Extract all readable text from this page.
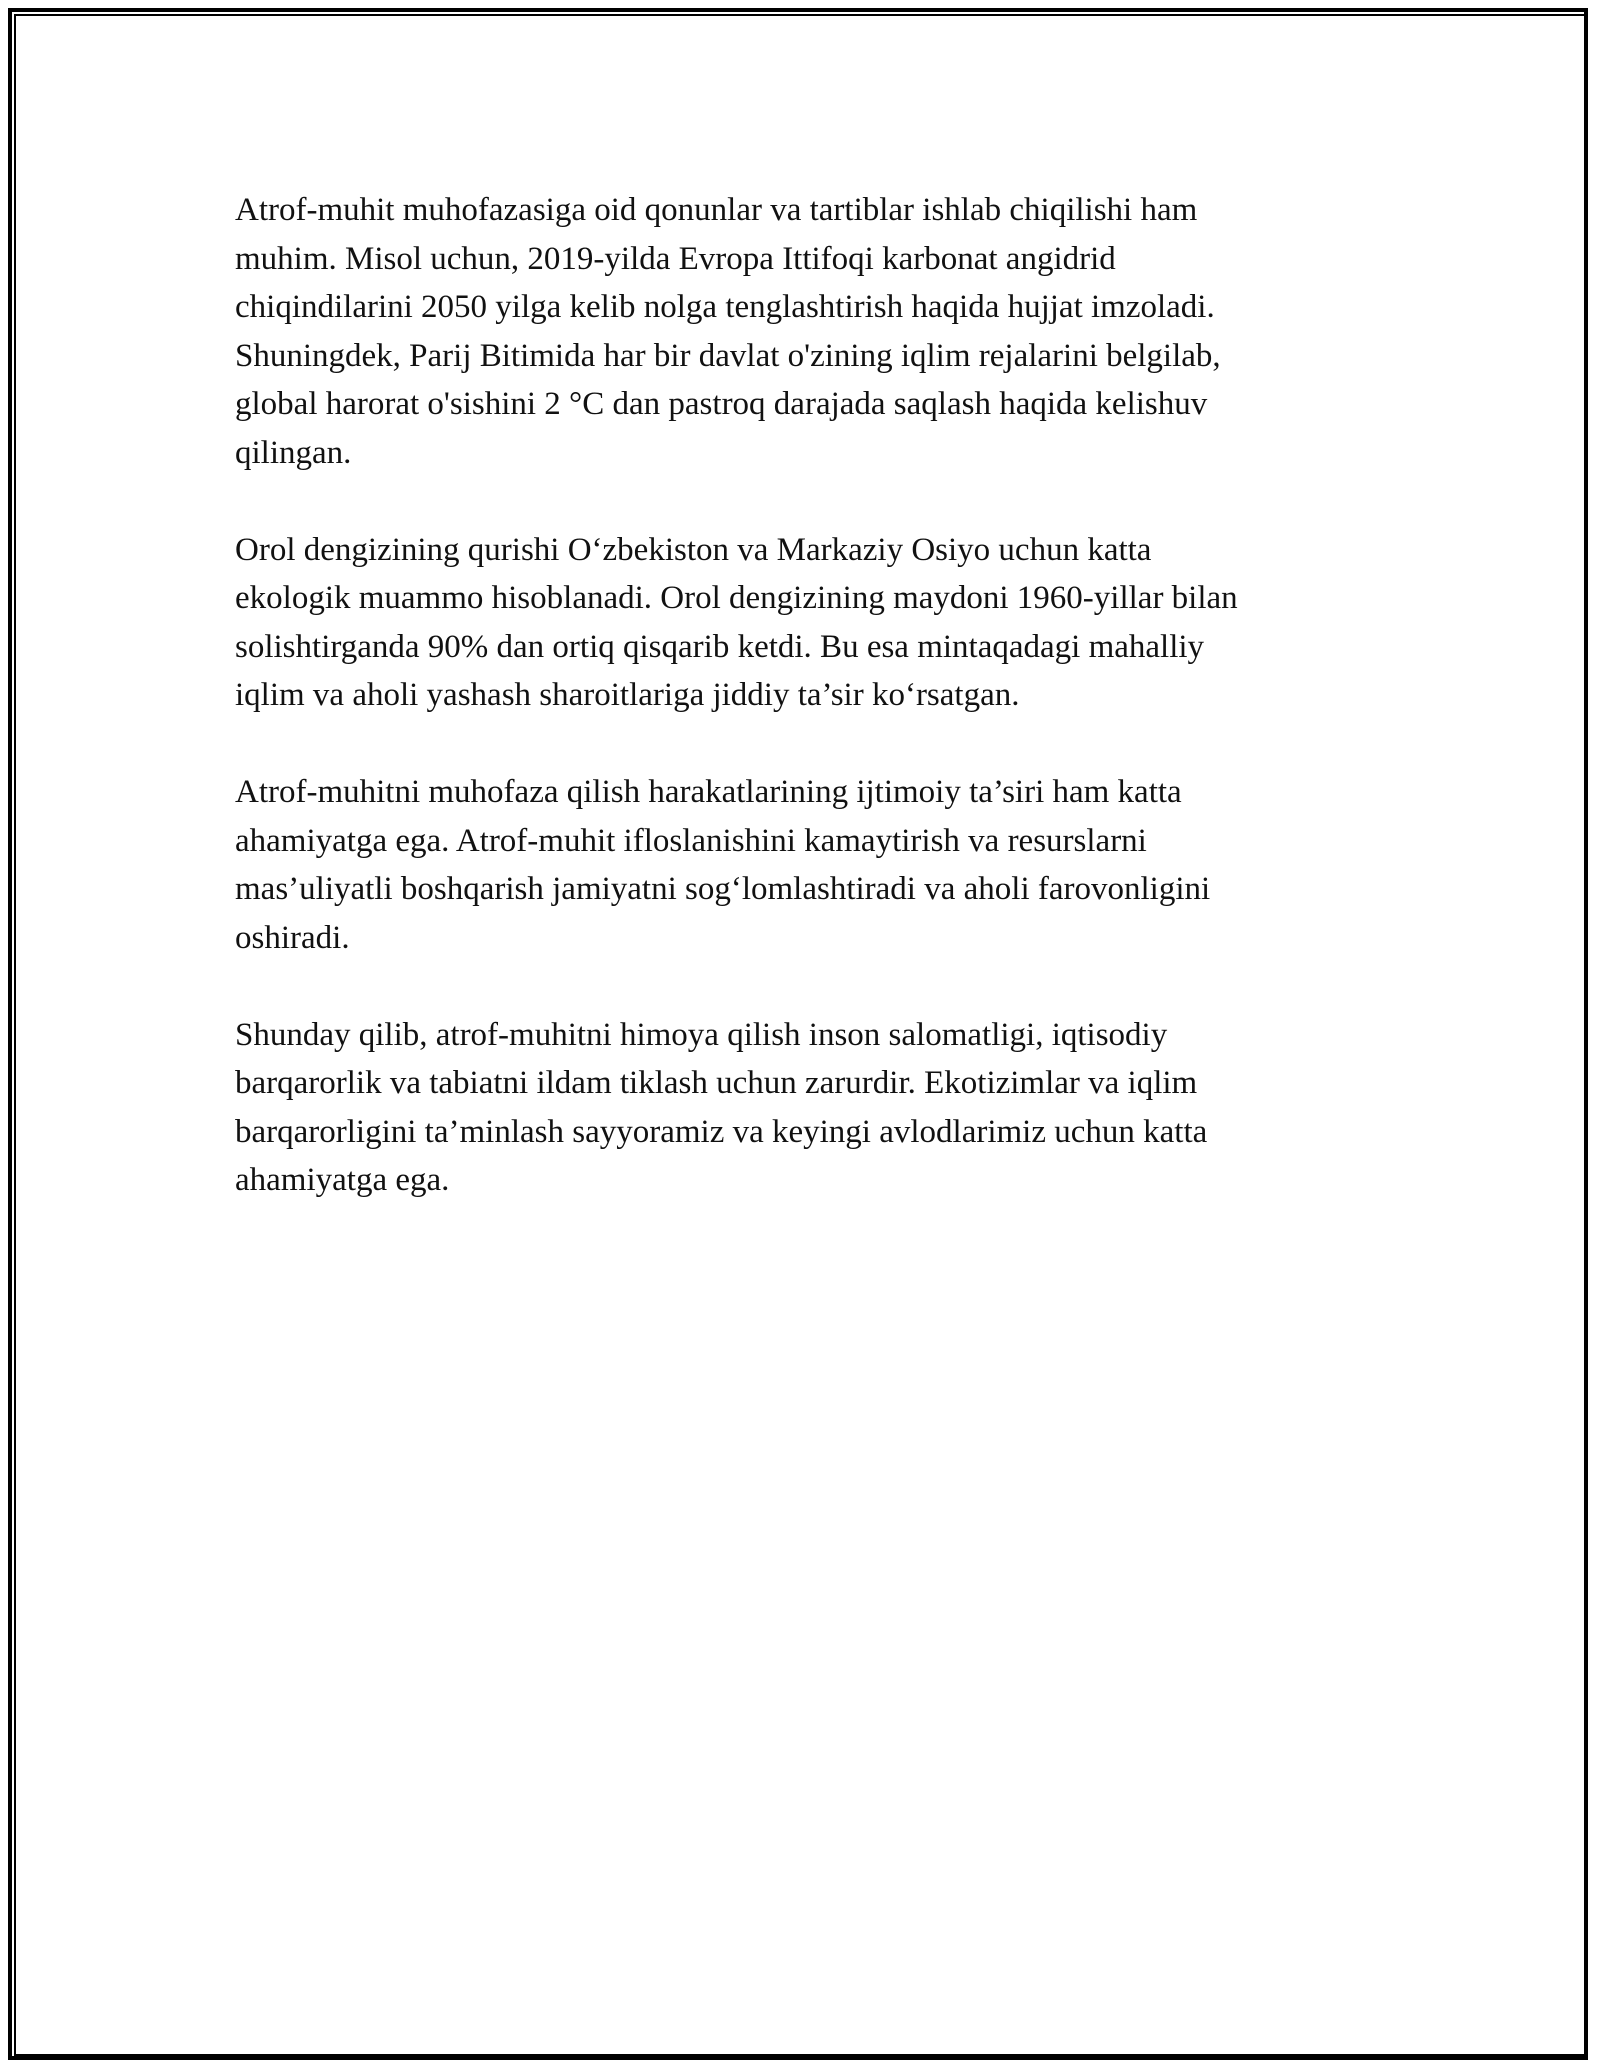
Atrof-muhit muhofazasiga oid qonunlar va tartiblar ishlab chiqilishi ham
muhim. Misol uchun, 2019-yilda Evropa Ittifoqi karbonat angidrid
chiqindilarini 2050 yilga kelib nolga tenglashtirish haqida hujjat imzoladi.
Shuningdek, Parij Bitimida har bir davlat o'zining iqlim rejalarini belgilab,
global harorat o'sishini 2 °C dan pastroq darajada saqlash haqida kelishuv
qilingan.

Orol dengizining qurishi O‘zbekiston va Markaziy Osiyo uchun katta
ekologik muammo hisoblanadi. Orol dengizining maydoni 1960-yillar bilan
solishtirganda 90% dan ortiq qisqarib ketdi. Bu esa mintaqadagi mahalliy
iqlim va aholi yashash sharoitlariga jiddiy ta’sir ko‘rsatgan.

Atrof-muhitni muhofaza qilish harakatlarining ijtimoiy ta’siri ham katta
ahamiyatga ega. Atrof-muhit ifloslanishini kamaytirish va resurslarni
mas’uliyatli boshqarish jamiyatni sog‘lomlashtiradi va aholi farovonligini
oshiradi.

Shunday qilib, atrof-muhitni himoya qilish inson salomatligi, iqtisodiy
barqarorlik va tabiatni ildam tiklash uchun zarurdir. Ekotizimlar va iqlim
barqarorligini ta’minlash sayyoramiz va keyingi avlodlarimiz uchun katta
ahamiyatga ega.
